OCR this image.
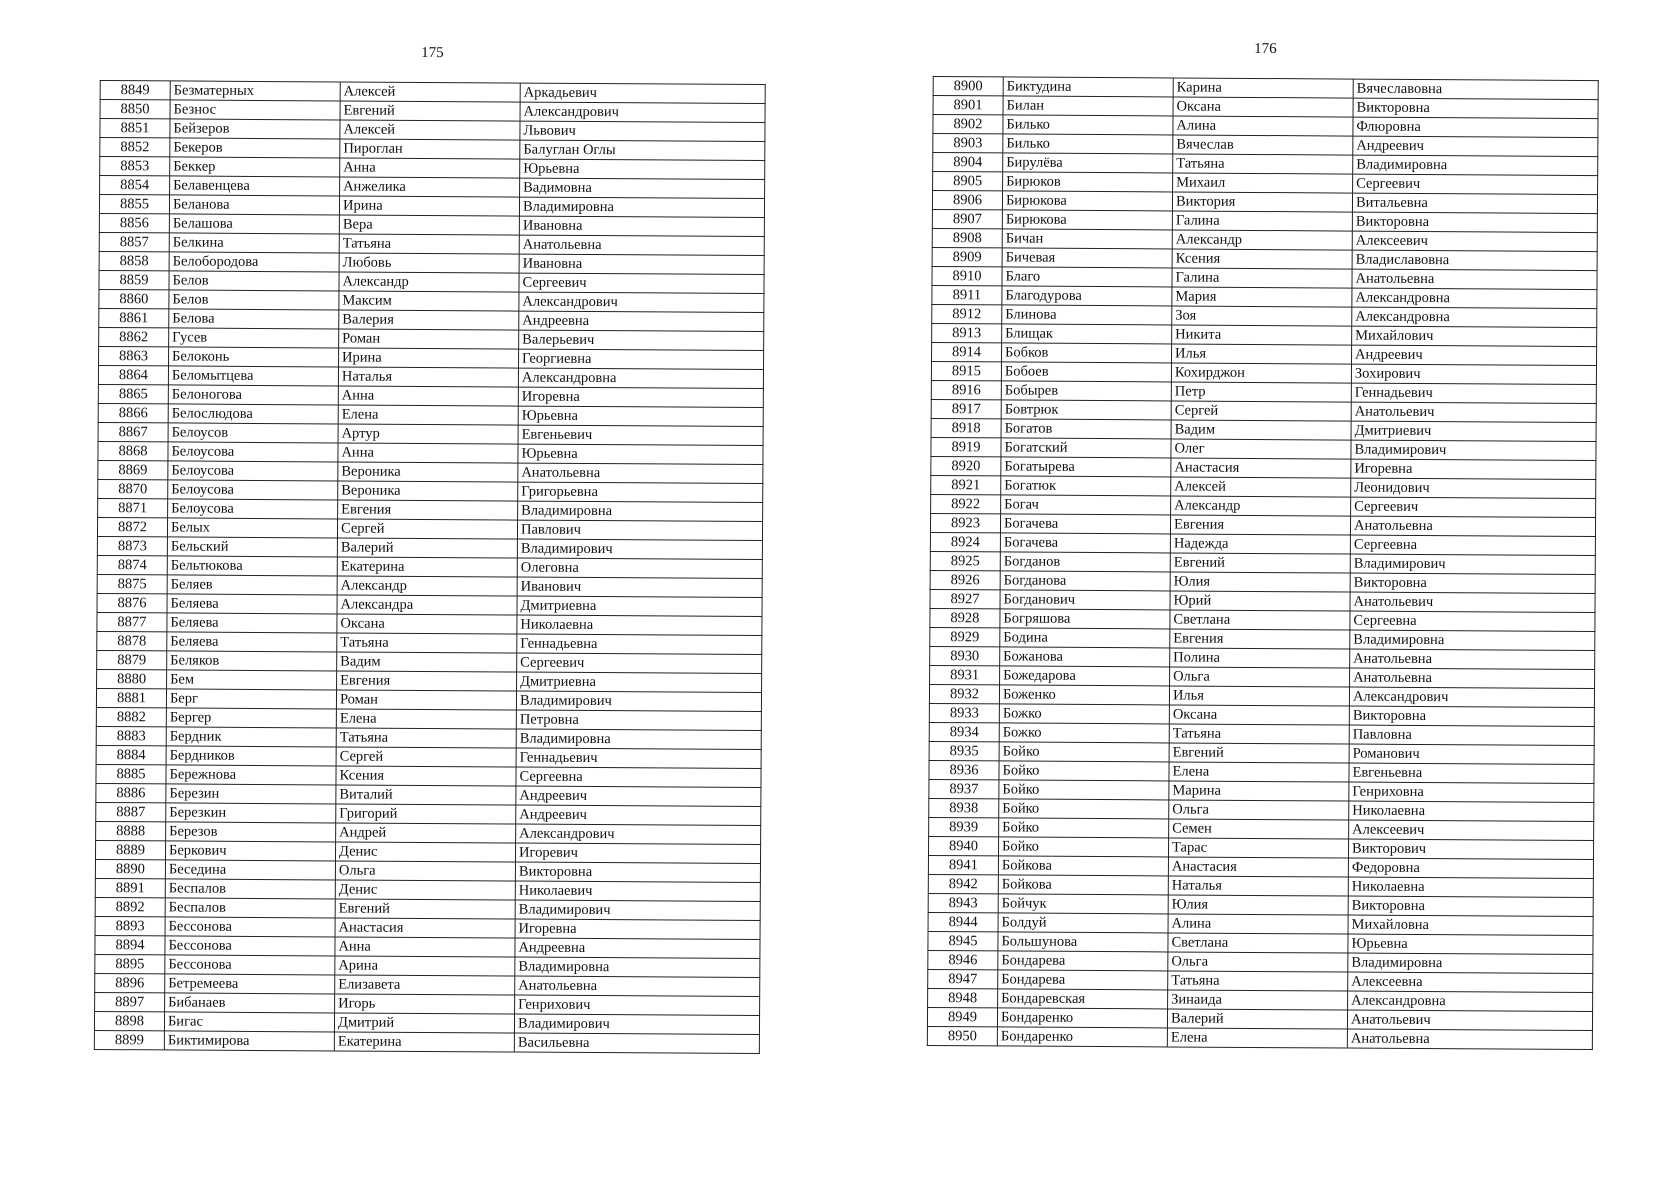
175
8849	Безматерных	Алексей	Аркадьевич
8850	Безнос	Евгений	Александрович
8851	Бейзеров	Алексей	Львович
8852	Бекеров	Пироглан	Балуглан Оглы
8853	Беккер	Анна	Юрьевна
8854	Белавенцева	Анжелика	Вадимовна
8855	Беланова	Ирина	Владимировна
8856	Белашова	Вера	Ивановна
8857	Белкина	Татьяна	Анатольевна
8858	Белобородова	Любовь	Ивановна
8859	Белов	Александр	Сергеевич
8860	Белов	Максим	Александрович
8861	Белова	Валерия	Андреевна
8862	Гусев	Роман	Валерьевич
8863	Белоконь	Ирина	Георгиевна
8864	Беломытцева	Наталья	Александровна
8865	Белоногова	Анна	Игоревна
8866	Белослюдова	Елена	Юрьевна
8867	Белоусов	Артур	Евгеньевич
8868	Белоусова	Анна	Юрьевна
8869	Белоусова	Вероника	Анатольевна
8870	Белоусова	Вероника	Григорьевна
8871	Белоусова	Евгения	Владимировна
8872	Белых	Сергей	Павлович
8873	Бельский	Валерий	Владимирович
8874	Бельтюкова	Екатерина	Олеговна
8875	Беляев	Александр	Иванович
8876	Беляева	Александра	Дмитриевна
8877	Беляева	Оксана	Николаевна
8878	Беляева	Татьяна	Геннадьевна
8879	Беляков	Вадим	Сергеевич
8880	Бем	Евгения	Дмитриевна
8881	Берг	Роман	Владимирович
8882	Бергер	Елена	Петровна
8883	Бердник	Татьяна	Владимировна
8884	Бердников	Сергей	Геннадьевич
8885	Бережнова	Ксения	Сергеевна
8886	Березин	Виталий	Андреевич
8887	Березкин	Григорий	Андреевич
8888	Березов	Андрей	Александрович
8889	Беркович	Денис	Игоревич
8890	Беседина	Ольга	Викторовна
8891	Беспалов	Денис	Николаевич
8892	Беспалов	Евгений	Владимирович
8893	Бессонова	Анастасия	Игоревна
8894	Бессонова	Анна	Андреевна
8895	Бессонова	Арина	Владимировна
8896	Бетремеева	Елизавета	Анатольевна
8897	Бибанаев	Игорь	Генрихович
8898	Бигас	Дмитрий	Владимирович
8899	Биктимирова	Екатерина	Васильевна
176
8900	Биктудина	Карина	Вячеславовна
8901	Билан	Оксана	Викторовна
8902	Билько	Алина	Флюровна
8903	Билько	Вячеслав	Андреевич
8904	Бирулёва	Татьяна	Владимировна
8905	Бирюков	Михаил	Сергеевич
8906	Бирюкова	Виктория	Витальевна
8907	Бирюкова	Галина	Викторовна
8908	Бичан	Александр	Алексеевич
8909	Бичевая	Ксения	Владиславовна
8910	Благо	Галина	Анатольевна
8911	Благодурова	Мария	Александровна
8912	Блинова	Зоя	Александровна
8913	Блищак	Никита	Михайлович
8914	Бобков	Илья	Андреевич
8915	Бобоев	Кохирджон	Зохирович
8916	Бобырев	Петр	Геннадьевич
8917	Бовтрюк	Сергей	Анатольевич
8918	Богатов	Вадим	Дмитриевич
8919	Богатский	Олег	Владимирович
8920	Богатырева	Анастасия	Игоревна
8921	Богатюк	Алексей	Леонидович
8922	Богач	Александр	Сергеевич
8923	Богачева	Евгения	Анатольевна
8924	Богачева	Надежда	Сергеевна
8925	Богданов	Евгений	Владимирович
8926	Богданова	Юлия	Викторовна
8927	Богданович	Юрий	Анатольевич
8928	Богряшова	Светлана	Сергеевна
8929	Бодина	Евгения	Владимировна
8930	Божанова	Полина	Анатольевна
8931	Божедарова	Ольга	Анатольевна
8932	Боженко	Илья	Александрович
8933	Божко	Оксана	Викторовна
8934	Божко	Татьяна	Павловна
8935	Бойко	Евгений	Романович
8936	Бойко	Елена	Евгеньевна
8937	Бойко	Марина	Генриховна
8938	Бойко	Ольга	Николаевна
8939	Бойко	Семен	Алексеевич
8940	Бойко	Тарас	Викторович
8941	Бойкова	Анастасия	Федоровна
8942	Бойкова	Наталья	Николаевна
8943	Бойчук	Юлия	Викторовна
8944	Болдуй	Алина	Михайловна
8945	Большунова	Светлана	Юрьевна
8946	Бондарева	Ольга	Владимировна
8947	Бондарева	Татьяна	Алексеевна
8948	Бондаревская	Зинаида	Александровна
8949	Бондаренко	Валерий	Анатольевич
8950	Бондаренко	Елена	Анатольевна
